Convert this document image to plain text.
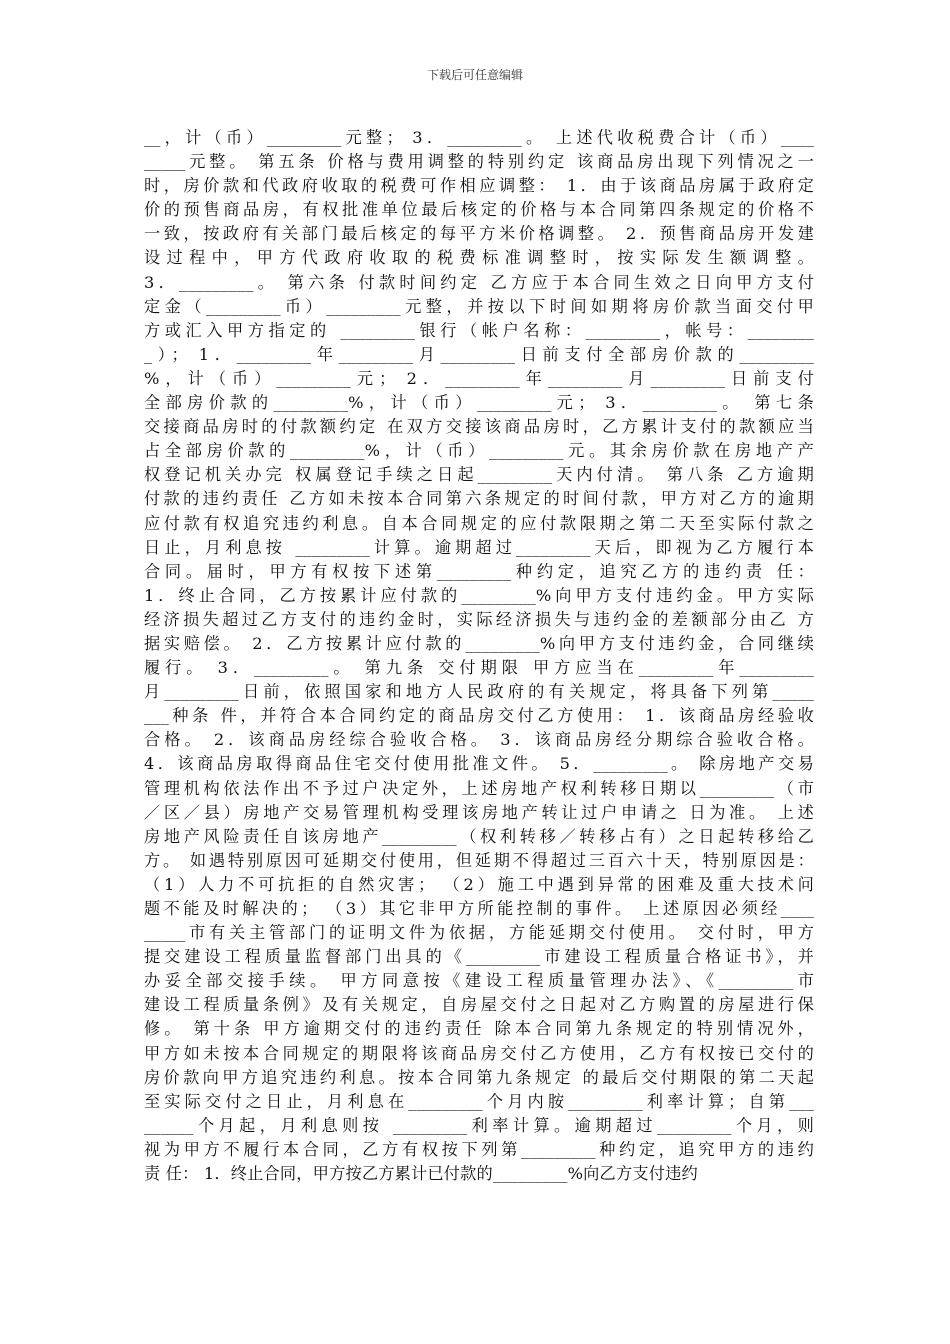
下载后可任意编辑
__，计（币）_________元整； 3．_________。 上述代收税费合计（币）____
_____元整。 第五条 价格与费用调整的特别约定 该商品房出现下列情况之一
时，房价款和代政府收取的税费可作相应调整： 1．由于该商品房属于政府定
价的预售商品房，有权批准单位最后核定的价格与本合同第四条规定的价格不
一致，按政府有关部门最后核定的每平方米价格调整。 2．预售商品房开发建
设过程中，甲方代政府收取的税费标准调整时，按实际发生额调整。
3．_________。 第六条 付款时间约定 乙方应于本合同生效之日向甲方支付
定金（_________币）_________元整，并按以下时间如期将房价款当面交付甲
方或汇入甲方指定的 _________银行（帐户名称：_________，帐号：________
_）； 1．_________年_________月_________日前支付全部房价款的_________
%，计（币）_________元； 2．_________年_________月_________日前支付
全部房价款的_________%，计（币）_________元； 3．_________。 第七条
交接商品房时的付款额约定 在双方交接该商品房时，乙方累计支付的款额应当
占全部房价款的_________%，计（币）_________元。其余房价款在房地产产
权登记机关办完 权属登记手续之日起_________天内付清。 第八条 乙方逾期
付款的违约责任 乙方如未按本合同第六条规定的时间付款，甲方对乙方的逾期
应付款有权追究违约利息。自本合同规定的应付款限期之第二天至实际付款之
日止，月利息按 _________计算。逾期超过_________天后，即视为乙方履行本
合同。届时，甲方有权按下述第_________种约定，追究乙方的违约责 任：
1．终止合同，乙方按累计应付款的_________%向甲方支付违约金。甲方实际
经济损失超过乙方支付的违约金时，实际经济损失与违约金的差额部分由乙 方
据实赔偿。 2．乙方按累计应付款的_________%向甲方支付违约金，合同继续
履行。 3．_________。 第九条 交付期限 甲方应当在_________年_________
月_________日前，依照国家和地方人民政府的有关规定，将具备下列第_____
___种条 件，并符合本合同约定的商品房交付乙方使用： 1．该商品房经验收
合格。 2．该商品房经综合验收合格。 3．该商品房经分期综合验收合格。
4．该商品房取得商品住宅交付使用批准文件。 5．_________。 除房地产交易
管理机构依法作出不予过户决定外，上述房地产权利转移日期以_________（市
／区／县）房地产交易管理机构受理该房地产转让过户申请之 日为准。 上述
房地产风险责任自该房地产_________（权利转移／转移占有）之日起转移给乙
方。 如遇特别原因可延期交付使用，但延期不得超过三百六十天，特别原因是：
（1）人力不可抗拒的自然灾害； （2）施工中遇到异常的困难及重大技术问
题不能及时解决的； （3）其它非甲方所能控制的事件。 上述原因必须经____
_____市有关主管部门的证明文件为依据，方能延期交付使用。 交付时，甲方
提交建设工程质量监督部门出具的《_________市建设工程质量合格证书》，并
办妥全部交接手续。 甲方同意按《建设工程质量管理办法》、《_________市
建设工程质量条例》及有关规定，自房屋交付之日起对乙方购置的房屋进行保
修。 第十条 甲方逾期交付的违约责任 除本合同第九条规定的特别情况外，
甲方如未按本合同规定的期限将该商品房交付乙方使用，乙方有权按已交付的
房价款向甲方追究违约利息。按本合同第九条规定 的最后交付期限的第二天起
至实际交付之日止，月利息在_________个月内胺_________利率计算；自第___
______个月起，月利息则按 _________利率计算。逾期超过_________个月，则
视为甲方不履行本合同，乙方有权按下列第_________种约定，追究甲方的违约
责 任： 1．终止合同，甲方按乙方累计已付款的_________%向乙方支付违约
